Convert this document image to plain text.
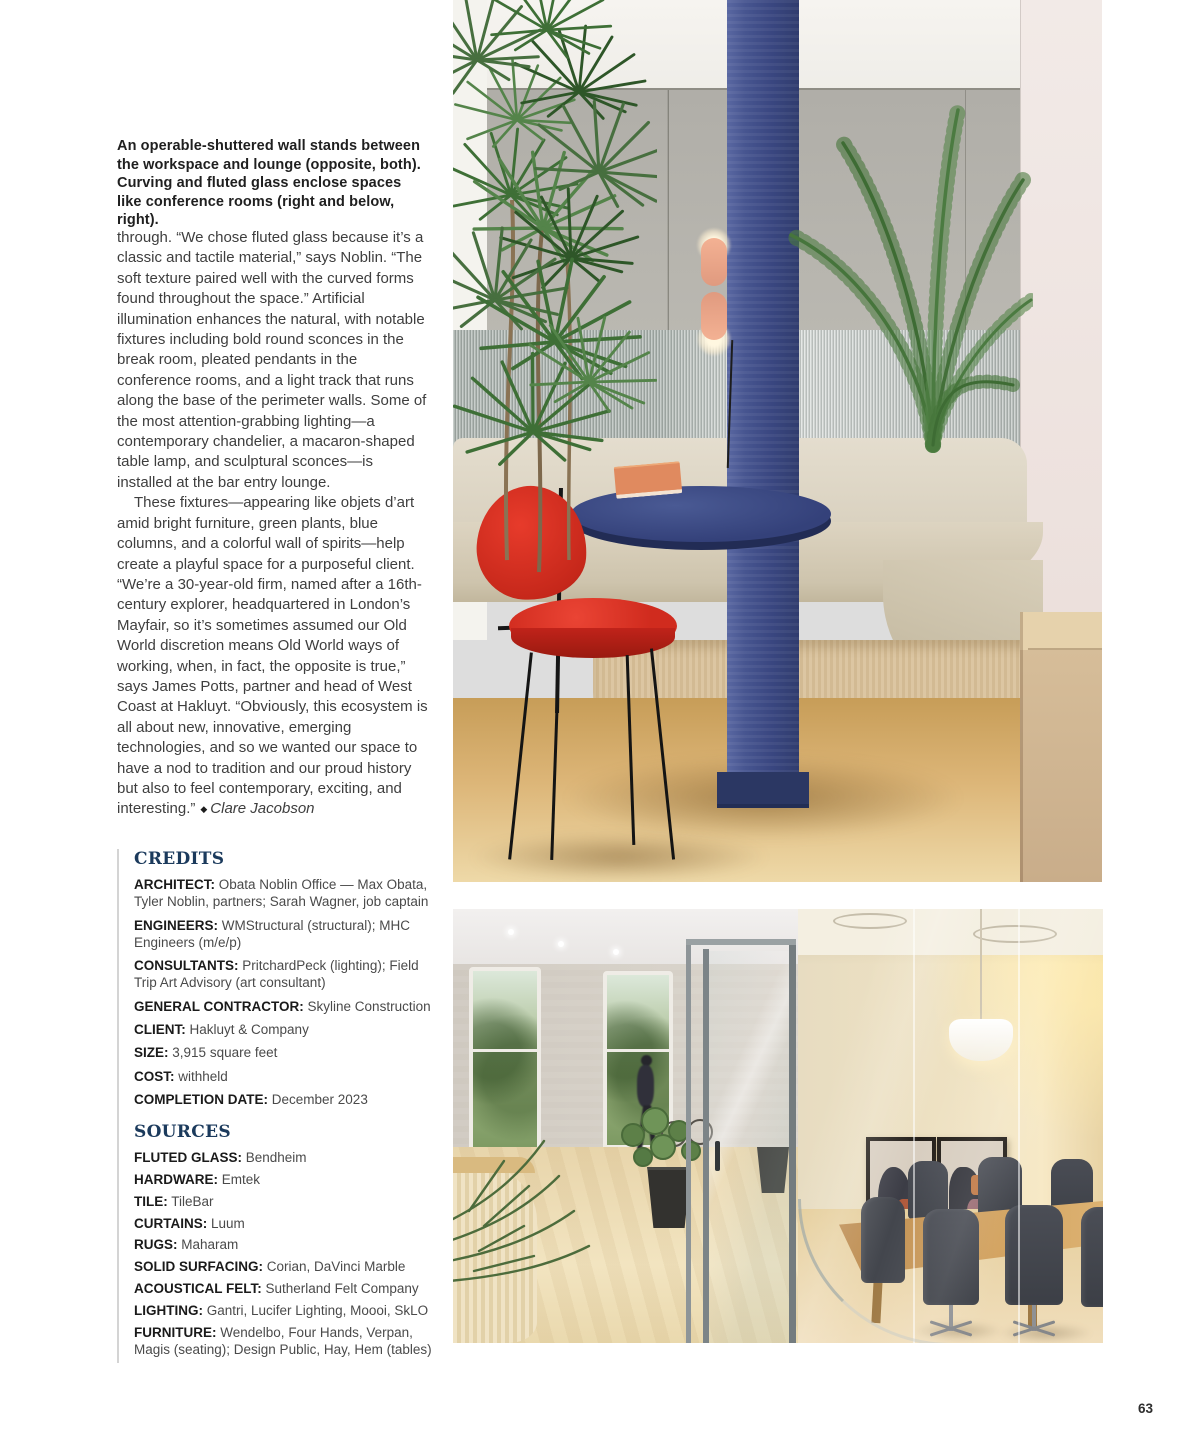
An operable-shuttered wall stands between the workspace and lounge (opposite, both). Curving and fluted glass enclose spaces like conference rooms (right and below, right).

through. “We chose fluted glass because it’s a classic and tactile material,” says Noblin. “The soft texture paired well with the curved forms found throughout the space.” Artificial illumination enhances the natural, with notable fixtures including bold round sconces in the break room, pleated pendants in the conference rooms, and a light track that runs along the base of the perimeter walls. Some of the most attention-grabbing lighting—a contemporary chandelier, a macaron-shaped table lamp, and sculptural sconces—is installed at the bar entry lounge.

These fixtures—appearing like objets d’art amid bright furniture, green plants, blue columns, and a colorful wall of spirits—help create a playful space for a purposeful client. “We’re a 30-year-old firm, named after a 16th-century explorer, headquartered in London’s Mayfair, so it’s sometimes assumed our Old World discretion means Old World ways of working, when, in fact, the opposite is true,” says James Potts, partner and head of West Coast at Hakluyt. “Obviously, this ecosystem is all about new, innovative, emerging technologies, and so we wanted our space to have a nod to tradition and our proud history but also to feel contemporary, exciting, and interesting.” ◆ Clare Jacobson

CREDITS

ARCHITECT: Obata Noblin Office — Max Obata, Tyler Noblin, partners; Sarah Wagner, job captain

ENGINEERS: WMStructural (structural); MHC Engineers (m/e/p)

CONSULTANTS: PritchardPeck (lighting); Field Trip Art Advisory (art consultant)

GENERAL CONTRACTOR: Skyline Construction

CLIENT: Hakluyt & Company

SIZE: 3,915 square feet

COST: withheld

COMPLETION DATE: December 2023

SOURCES

FLUTED GLASS: Bendheim

HARDWARE: Emtek

TILE: TileBar

CURTAINS: Luum

RUGS: Maharam

SOLID SURFACING: Corian, DaVinci Marble

ACOUSTICAL FELT: Sutherland Felt Company

LIGHTING: Gantri, Lucifer Lighting, Moooi, SkLO

FURNITURE: Wendelbo, Four Hands, Verpan, Magis (seating); Design Public, Hay, Hem (tables)

63
